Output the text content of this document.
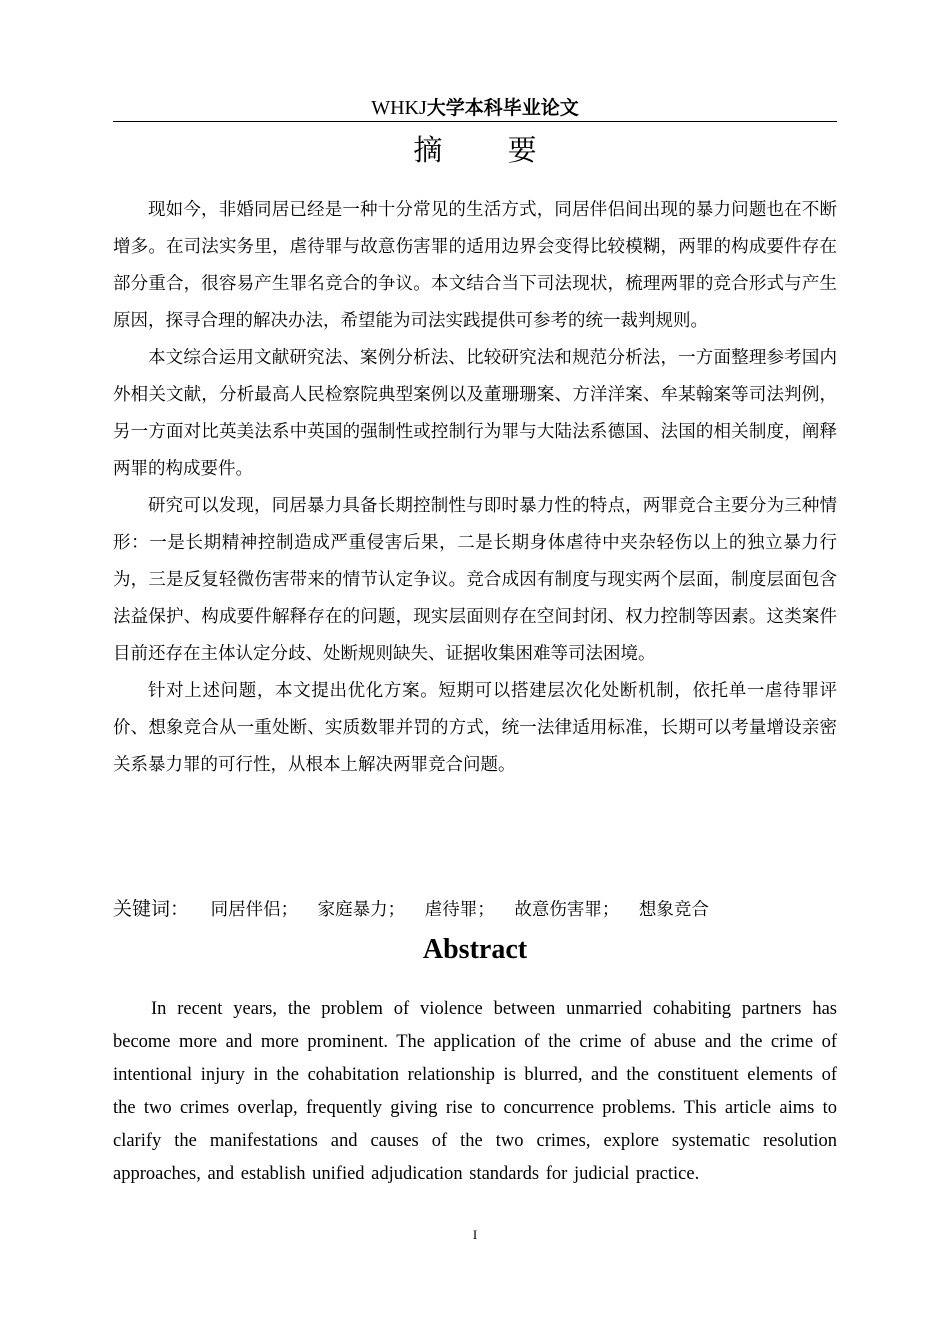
WHKJ大学本科毕业论文
摘 要

现如今，非婚同居已经是一种十分常见的生活方式，同居伴侣间出现的暴力问题也在不断增多。在司法实务里，虐待罪与故意伤害罪的适用边界会变得比较模糊，两罪的构成要件存在部分重合，很容易产生罪名竞合的争议。本文结合当下司法现状，梳理两罪的竞合形式与产生原因，探寻合理的解决办法，希望能为司法实践提供可参考的统一裁判规则。

本文综合运用文献研究法、案例分析法、比较研究法和规范分析法，一方面整理参考国内外相关文献，分析最高人民检察院典型案例以及董珊珊案、方洋洋案、牟某翰案等司法判例，另一方面对比英美法系中英国的强制性或控制行为罪与大陆法系德国、法国的相关制度，阐释两罪的构成要件。

研究可以发现，同居暴力具备长期控制性与即时暴力性的特点，两罪竞合主要分为三种情形：一是长期精神控制造成严重侵害后果，二是长期身体虐待中夹杂轻伤以上的独立暴力行为，三是反复轻微伤害带来的情节认定争议。竞合成因有制度与现实两个层面，制度层面包含法益保护、构成要件解释存在的问题，现实层面则存在空间封闭、权力控制等因素。这类案件目前还存在主体认定分歧、处断规则缺失、证据收集困难等司法困境。

针对上述问题，本文提出优化方案。短期可以搭建层次化处断机制，依托单一虐待罪评价、想象竞合从一重处断、实质数罪并罚的方式，统一法律适用标准，长期可以考量增设亲密关系暴力罪的可行性，从根本上解决两罪竞合问题。

关键词： 同居伴侣； 家庭暴力； 虐待罪； 故意伤害罪； 想象竞合
Abstract

In recent years, the problem of violence between unmarried cohabiting partners has become more and more prominent. The application of the crime of abuse and the crime of intentional injury in the cohabitation relationship is blurred, and the constituent elements of the two crimes overlap, frequently giving rise to concurrence problems. This article aims to clarify the manifestations and causes of the two crimes, explore systematic resolution approaches, and establish unified adjudication standards for judicial practice.

I
